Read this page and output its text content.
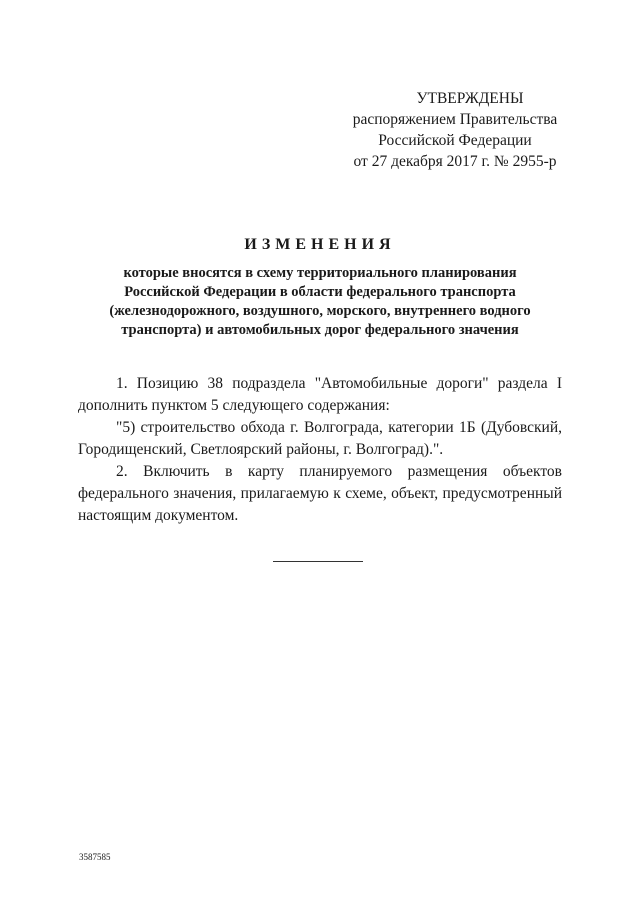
УТВЕРЖДЕНЫ
распоряжением Правительства
Российской Федерации
от 27 декабря 2017 г. № 2955-р
ИЗМЕНЕНИЯ
которые вносятся в схему территориального планирования
Российской Федерации в области федерального транспорта
(железнодорожного, воздушного, морского, внутреннего водного
транспорта) и автомобильных дорог федерального значения

1. Позицию 38 подраздела "Автомобильные дороги" раздела I
дополнить пунктом 5 следующего содержания:

"5) строительство обхода г. Волгограда, категории 1Б (Дубовский,
Городищенский, Светлоярский районы, г. Волгоград).".

2. Включить в карту планируемого размещения объектов
федерального значения, прилагаемую к схеме, объект, предусмотренный настоящим документом.

3587585
